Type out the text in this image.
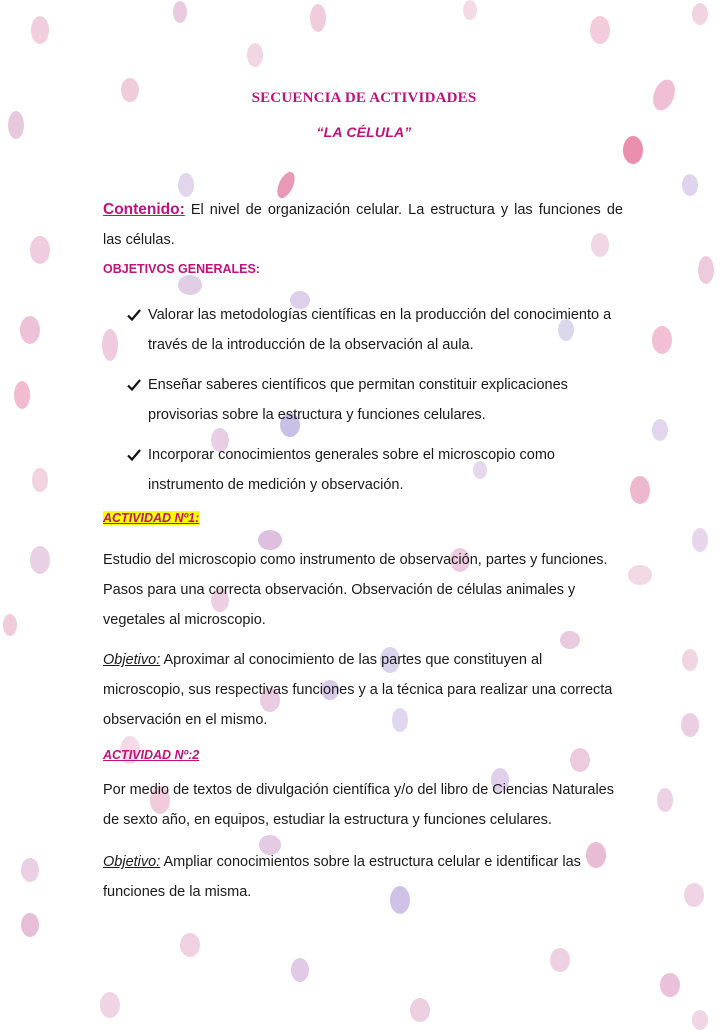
SECUENCIA DE ACTIVIDADES
“LA CÉLULA”
Contenido: El nivel de organización celular. La estructura y las funciones de las células.
OBJETIVOS GENERALES:
Valorar las metodologías científicas en la producción del conocimiento a través de la introducción de la observación al aula.
Enseñar saberes científicos que permitan constituir explicaciones provisorias sobre la estructura y funciones celulares.
Incorporar conocimientos generales sobre el microscopio como instrumento de medición y observación.
ACTIVIDAD Nº1:
Estudio del microscopio como instrumento de observación, partes y funciones. Pasos para una correcta observación. Observación de células animales y vegetales al microscopio.
Objetivo: Aproximar al conocimiento de las partes que constituyen al microscopio, sus respectivas funciones y a la técnica para realizar una correcta observación en el mismo.
ACTIVIDAD Nº:2
Por medio de textos de divulgación científica y/o del libro de Ciencias Naturales de sexto año, en equipos, estudiar la estructura y funciones celulares.
Objetivo: Ampliar conocimientos sobre la estructura celular e identificar las funciones de la misma.
